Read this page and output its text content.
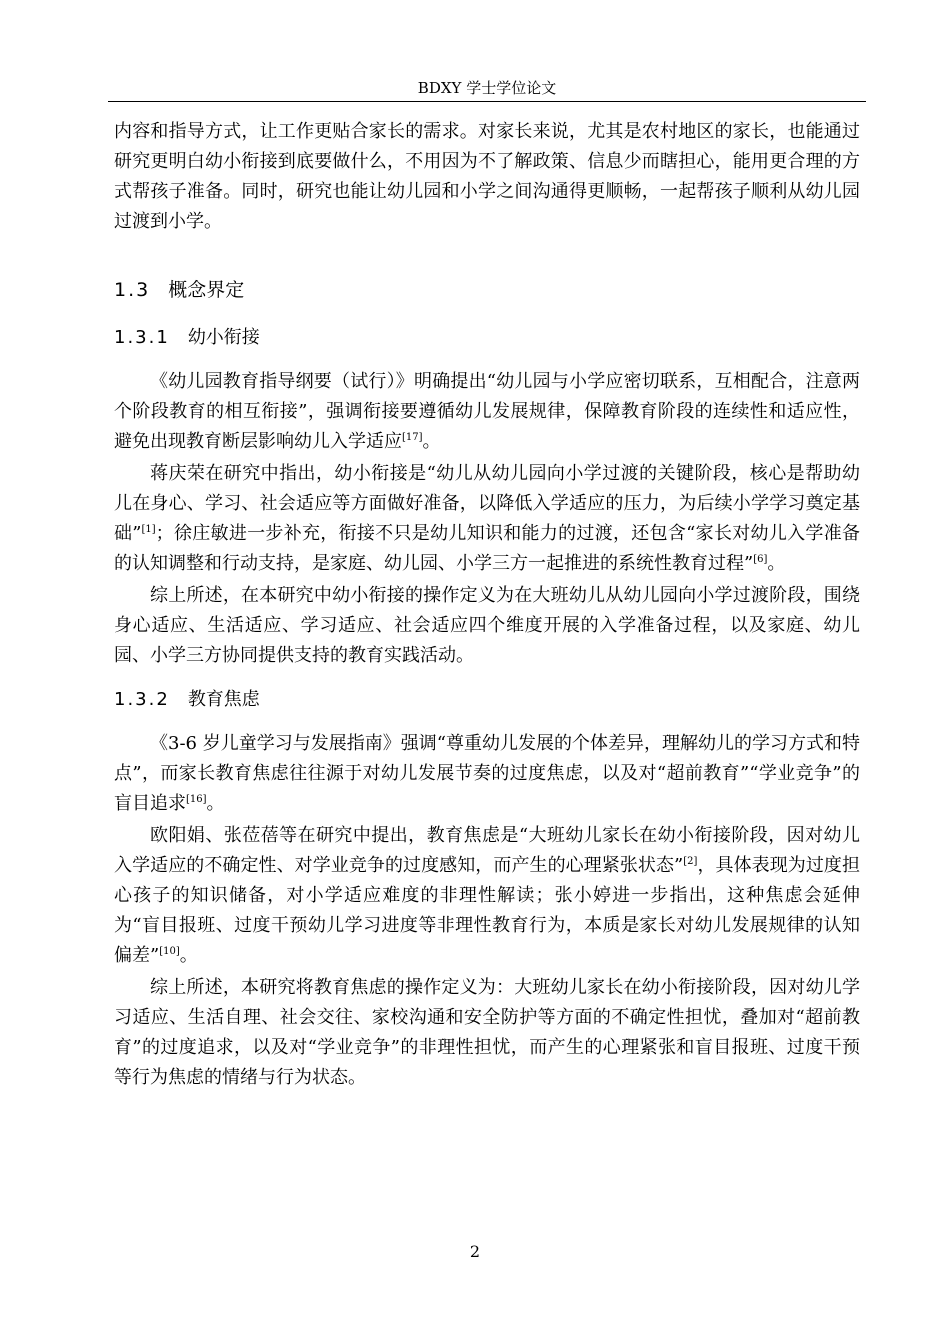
BDXY 学士学位论文

内容和指导方式，让工作更贴合家长的需求。对家长来说，尤其是农村地区的家长，也能通过研究更明白幼小衔接到底要做什么，不用因为不了解政策、信息少而瞎担心，能用更合理的方式帮孩子准备。同时，研究也能让幼儿园和小学之间沟通得更顺畅，一起帮孩子顺利从幼儿园过渡到小学。

1.3 概念界定
1.3.1 幼小衔接

《幼儿园教育指导纲要（试行）》明确提出“幼儿园与小学应密切联系，互相配合，注意两个阶段教育的相互衔接”，强调衔接要遵循幼儿发展规律，保障教育阶段的连续性和适应性，避免出现教育断层影响幼儿入学适应[17]。

蒋庆荣在研究中指出，幼小衔接是“幼儿从幼儿园向小学过渡的关键阶段，核心是帮助幼儿在身心、学习、社会适应等方面做好准备，以降低入学适应的压力，为后续小学学习奠定基础”[1]；徐庄敏进一步补充，衔接不只是幼儿知识和能力的过渡，还包含“家长对幼儿入学准备的认知调整和行动支持，是家庭、幼儿园、小学三方一起推进的系统性教育过程”[6]。

综上所述，在本研究中幼小衔接的操作定义为在大班幼儿从幼儿园向小学过渡阶段，围绕身心适应、生活适应、学习适应、社会适应四个维度开展的入学准备过程，以及家庭、幼儿园、小学三方协同提供支持的教育实践活动。

1.3.2 教育焦虑

《3-6 岁儿童学习与发展指南》强调“尊重幼儿发展的个体差异，理解幼儿的学习方式和特点”，而家长教育焦虑往往源于对幼儿发展节奏的过度焦虑，以及对“超前教育”“学业竞争”的盲目追求[16]。

欧阳娟、张莅蓓等在研究中提出，教育焦虑是“大班幼儿家长在幼小衔接阶段，因对幼儿入学适应的不确定性、对学业竞争的过度感知，而产生的心理紧张状态”[2]，具体表现为过度担心孩子的知识储备，对小学适应难度的非理性解读；张小婷进一步指出，这种焦虑会延伸为“盲目报班、过度干预幼儿学习进度等非理性教育行为，本质是家长对幼儿发展规律的认知偏差”[10]。

综上所述，本研究将教育焦虑的操作定义为：大班幼儿家长在幼小衔接阶段，因对幼儿学习适应、生活自理、社会交往、家校沟通和安全防护等方面的不确定性担忧，叠加对“超前教育”的过度追求，以及对“学业竞争”的非理性担忧，而产生的心理紧张和盲目报班、过度干预等行为焦虑的情绪与行为状态。

2
